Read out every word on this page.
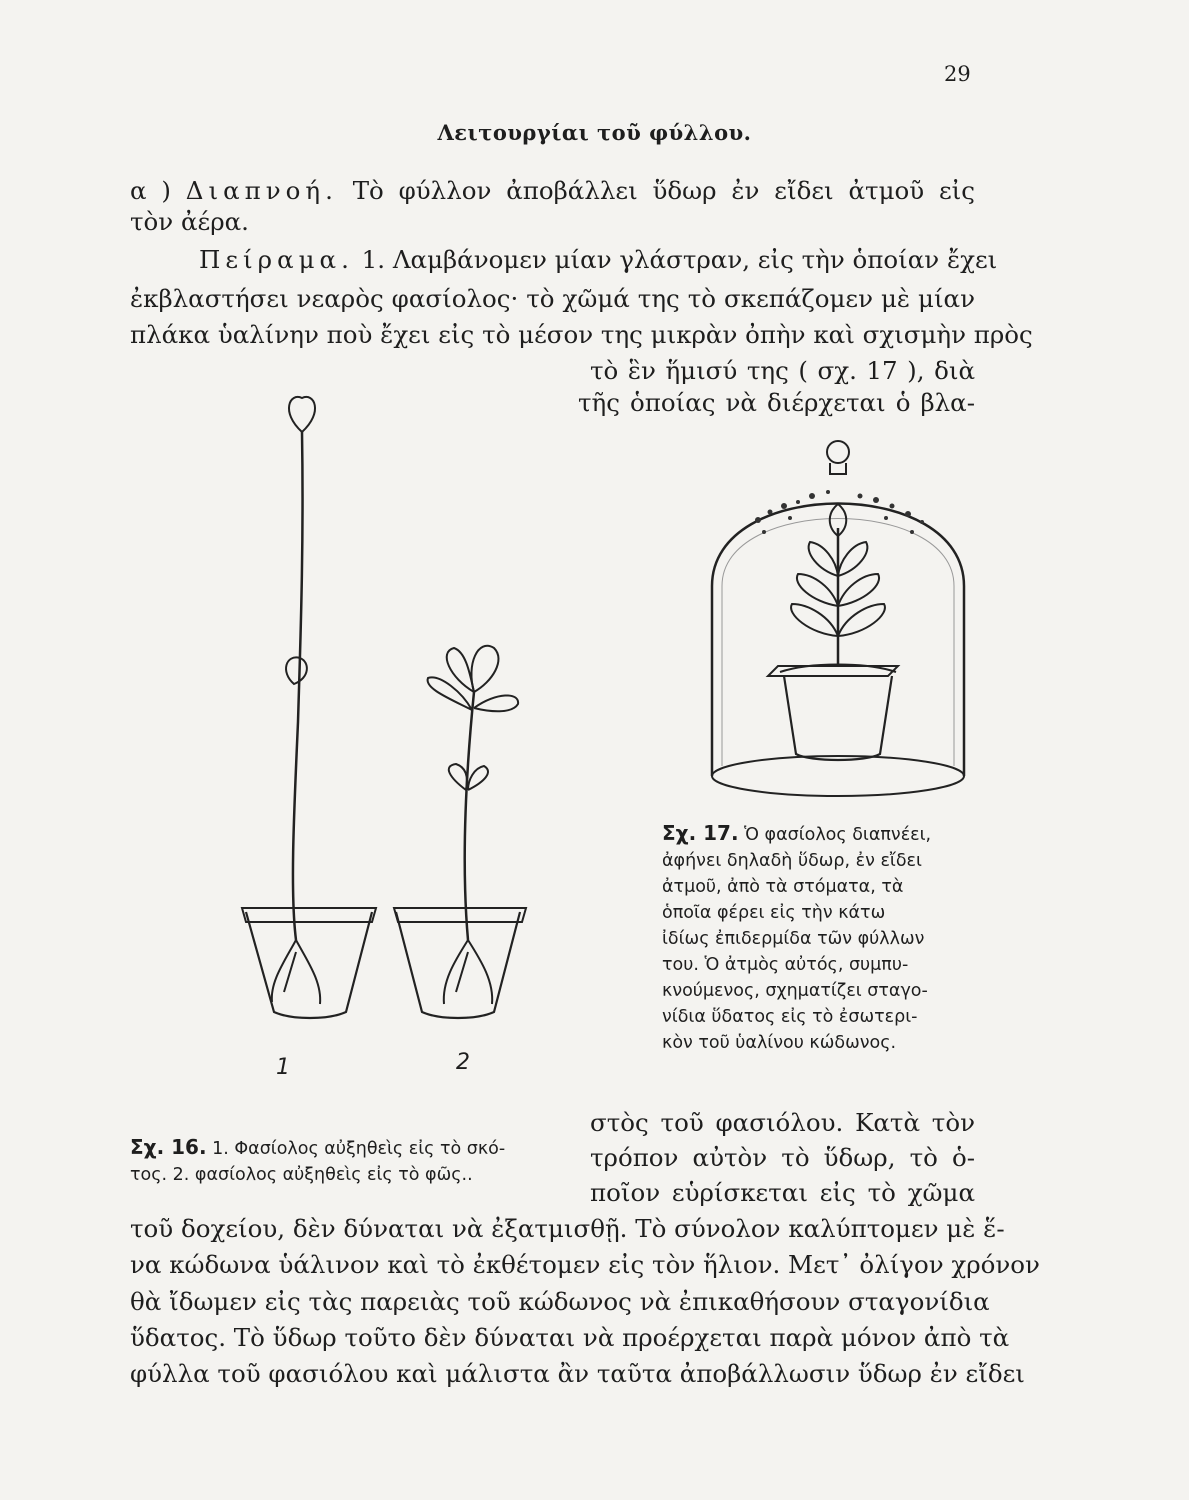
29
Λειτουργίαι τοῦ φύλλου.
α ) Διαπνοή. Τὸ φύλλον ἀποβάλλει ὕδωρ ἐν εἴδει ἀτμοῦ εἰς
τὸν ἀέρα.
Πείραμα. 1. Λαμβάνομεν μίαν γλάστραν, εἰς τὴν ὁποίαν ἔχει
ἐκβλαστήσει νεαρὸς φασίολος· τὸ χῶμά της τὸ σκεπάζομεν μὲ μίαν
πλάκα ὑαλίνην ποὺ ἔχει εἰς τὸ μέσον της μικρὰν ὀπὴν καὶ σχισμὴν πρὸς
τὸ ἓν ἥμισύ της ( σχ. 17 ), διὰ
τῆς ὁποίας νὰ διέρχεται ὁ βλα-
1	2
Σχ. 17. Ὁ φασίολος διαπνέει,
ἀφήνει δηλαδὴ ὕδωρ, ἐν εἴδει
ἀτμοῦ, ἀπὸ τὰ στόματα, τὰ
ὁποῖα φέρει εἰς τὴν κάτω
ἰδίως ἐπιδερμίδα τῶν φύλλων
του. Ὁ ἀτμὸς αὐτός, συμπυ-
κνούμενος, σχηματίζει σταγο-
νίδια ὕδατος εἰς τὸ ἐσωτερι-
κὸν τοῦ ὑαλίνου κώδωνος.
στὸς τοῦ φασιόλου. Κατὰ τὸν
τρόπον αὐτὸν τὸ ὕδωρ, τὸ ὁ-
ποῖον εὑρίσκεται εἰς τὸ χῶμα
Σχ. 16. 1. Φασίολος αὐξηθεὶς εἰς τὸ σκό-
τος. 2. φασίολος αὐξηθεὶς εἰς τὸ φῶς..
τοῦ δοχείου, δὲν δύναται νὰ ἐξατμισθῇ. Τὸ σύνολον καλύπτομεν μὲ ἕ-
να κώδωνα ὑάλινον καὶ τὸ ἐκθέτομεν εἰς τὸν ἥλιον. Μετ᾽ ὀλίγον χρόνον
θὰ ἴδωμεν εἰς τὰς παρειὰς τοῦ κώδωνος νὰ ἐπικαθήσουν σταγονίδια
ὕδατος. Τὸ ὕδωρ τοῦτο δὲν δύναται νὰ προέρχεται παρὰ μόνον ἀπὸ τὰ
φύλλα τοῦ φασιόλου καὶ μάλιστα ἂν ταῦτα ἀποβάλλωσιν ὕδωρ ἐν εἴδει
